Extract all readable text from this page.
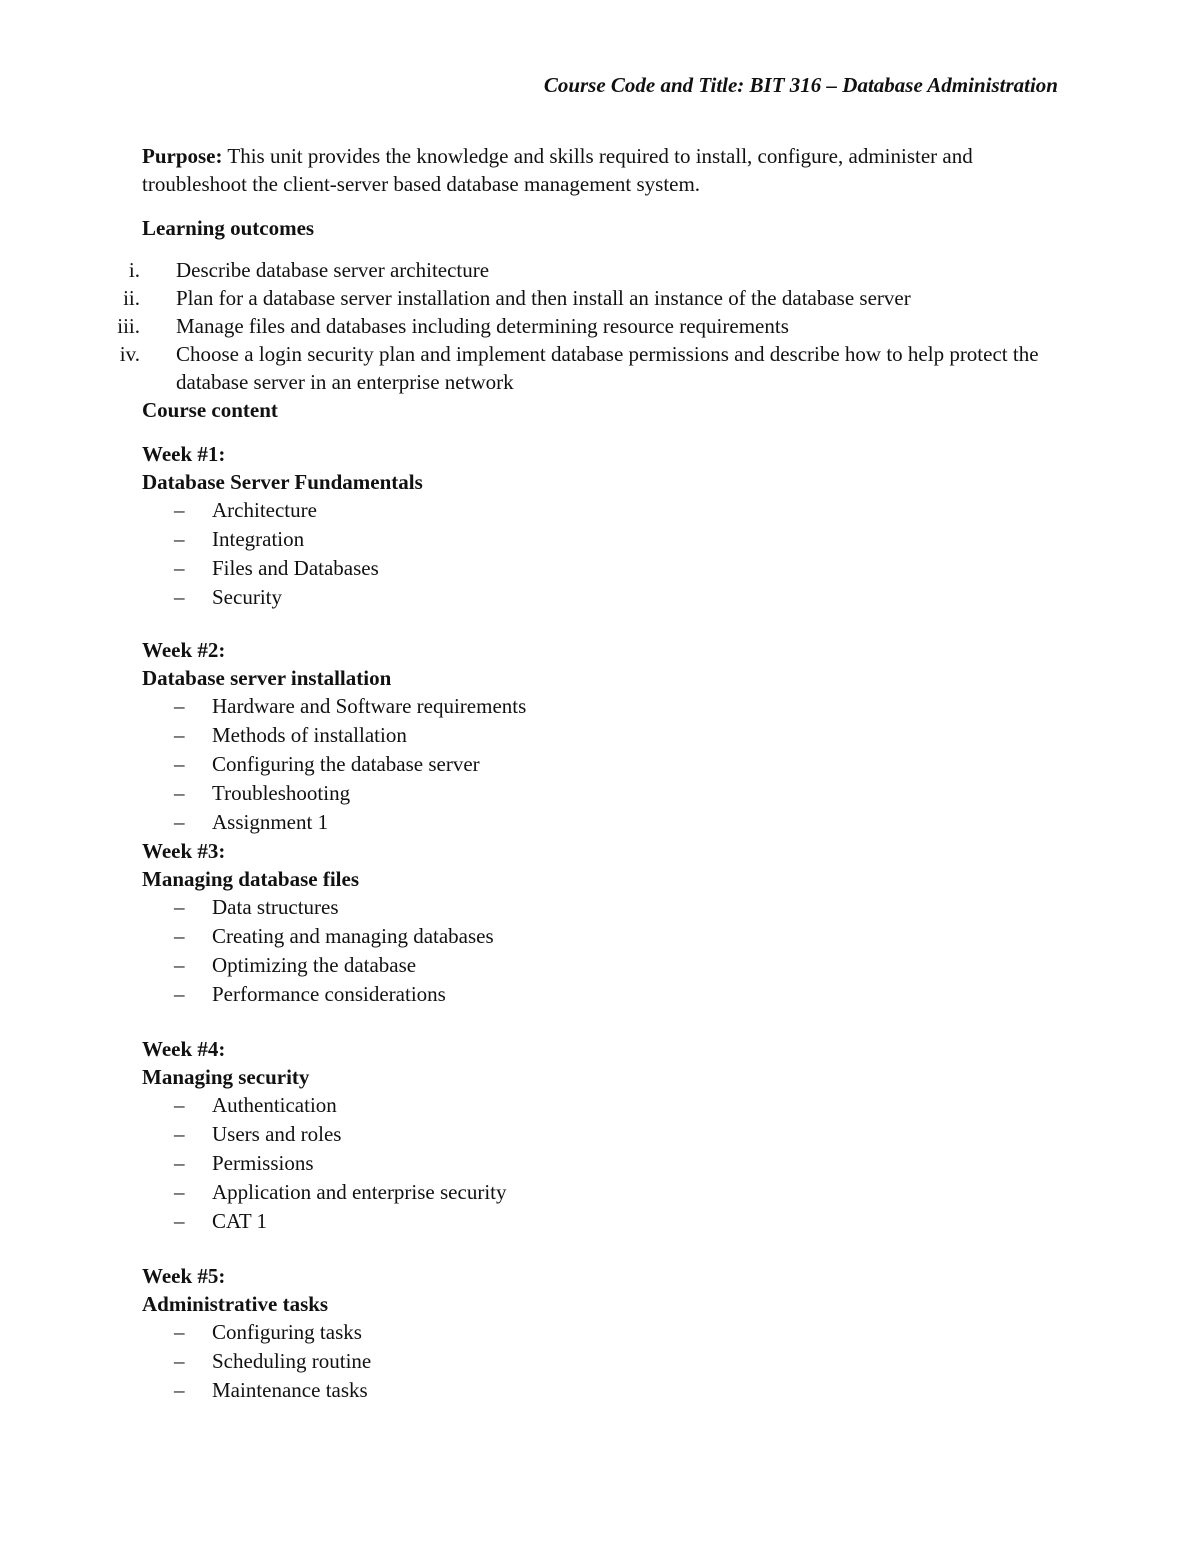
Course Code and Title: BIT 316 – Database Administration

Purpose: This unit provides the knowledge and skills required to install, configure, administer and troubleshoot the client-server based database management system.

Learning outcomes

i.	Describe database server architecture
ii.	Plan for a database server installation and then install an instance of the database server
iii.	Manage files and databases including determining resource requirements
iv.	Choose a login security plan and implement database permissions and describe how to help protect the database server in an enterprise network

Course content

Week #1:

Database Server Fundamentals

–	Architecture
–	Integration
–	Files and Databases
–	Security

Week #2:

Database server installation

–	Hardware and Software requirements
–	Methods of installation
–	Configuring the database server
–	Troubleshooting
–	Assignment 1

Week #3:

Managing database files

–	Data structures
–	Creating and managing databases
–	Optimizing the database
–	Performance considerations

Week #4:

Managing security

–	Authentication
–	Users and roles
–	Permissions
–	Application and enterprise security
–	CAT 1

Week #5:

Administrative tasks

–	Configuring tasks
–	Scheduling routine
–	Maintenance tasks
